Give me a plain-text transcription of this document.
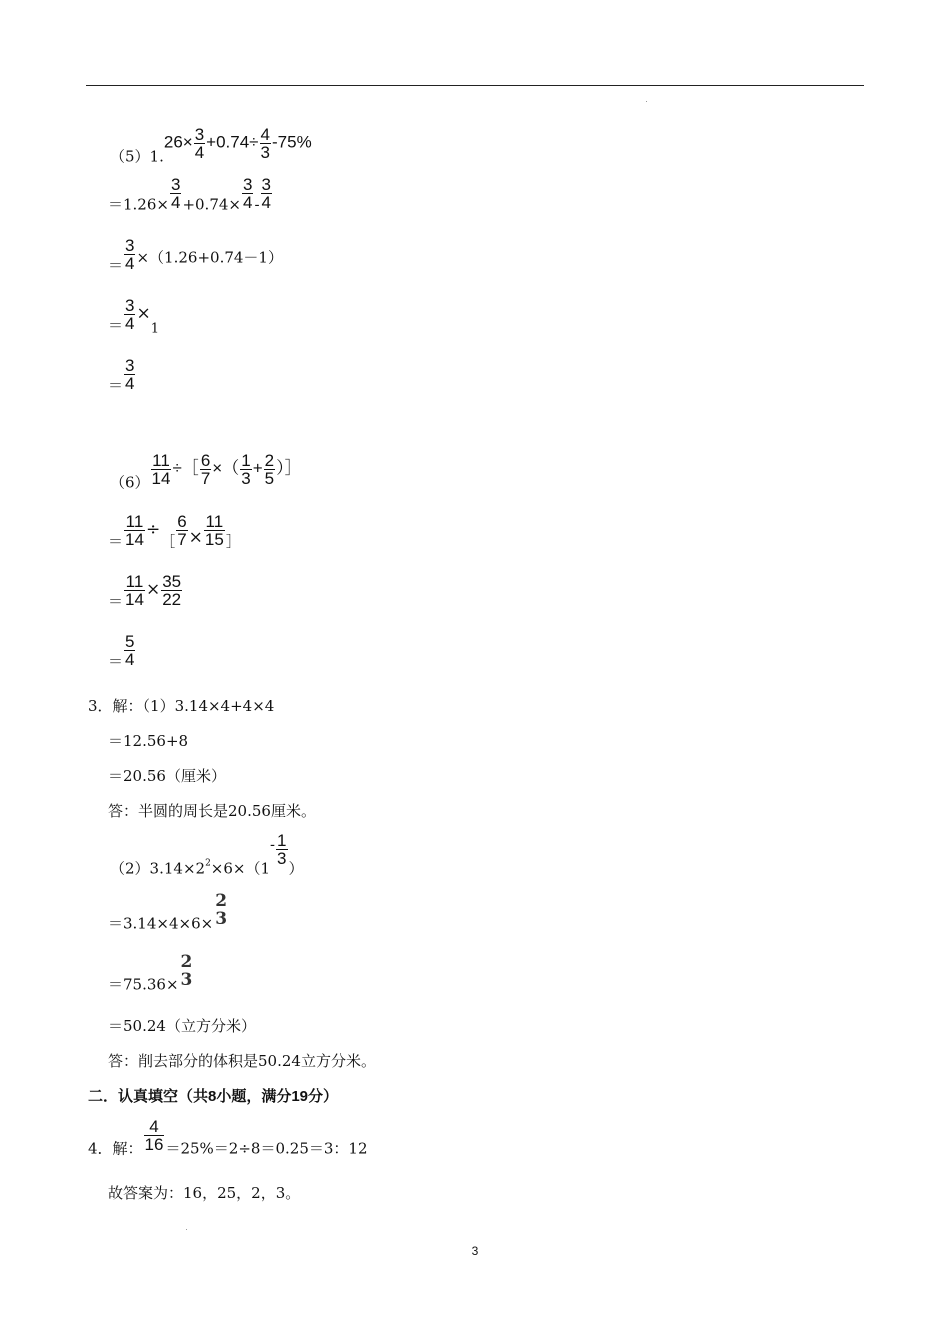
$(5)1.26\times \frac{3}{4} +0.74\div \frac{4}{3} -75\%$
$=1.26\times \frac{3}{4} +0.74\times \frac{3}{4} - \frac{3}{4}$
＝ $\frac{3}{4} \times(1.26+0.74-1)$
＝ $\frac{3}{4} \times 1$
＝ $\frac{3}{4}$
$(6) \frac{11}{14}$ ÷［ $\frac{6}{7}$ ×（ $\frac{1}{3} + \frac{2}{5}$ ）］
＝ $\frac{11}{14}$ ÷［ $\frac{6}{7} \times \frac{11}{15}$ ］
＝ $\frac{11}{14} \times \frac{35}{22}$
＝ $\frac{5}{4}$
3．解：（1）3.14×4+4×4
＝12.56+8
＝20.56（厘米）
答：半圆的周长是20.56厘米。
$(2)3.14\times 2^2\times 6\times(1- \frac{1}{3}$
）
$=3.14\times 4\times 6\times \frac{2}{3}$
$=75.36\times \frac{2}{3}$
＝50.24（立方分米）
答：削去部分的体积是50.24立方分米。
二．认真填空（共8小题，满分19分）
4．解： $\frac{4}{16} =25\%=2\div 8=0.25=3$：12
故答案为：16，25，2，3。
3
